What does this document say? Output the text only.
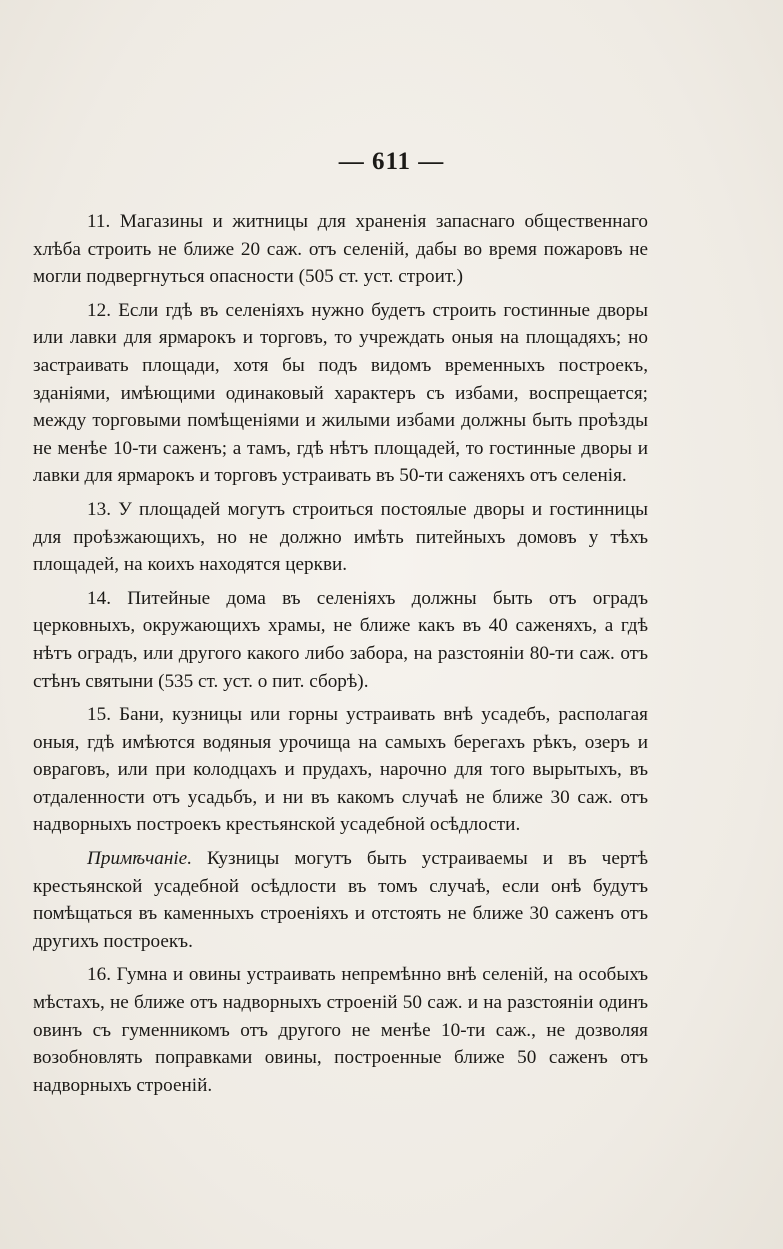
— 611 —
11. Магазины и житницы для храненія запаснаго общественнаго хлѣба строить не ближе 20 саж. отъ селеній, дабы во время пожаровъ не могли подвергнуться опасности (505 ст. уст. строит.)
12. Если гдѣ въ селеніяхъ нужно будетъ строить гостинные дворы или лавки для ярмарокъ и торговъ, то учреждать оныя на площадяхъ; но застраивать площади, хотя бы подъ видомъ временныхъ построекъ, зданіями, имѣющими одинаковый характеръ съ избами, воспрещается; между торговыми помѣщеніями и жилыми избами должны быть проѣзды не менѣе 10-ти саженъ; а тамъ, гдѣ нѣтъ площадей, то гостинные дворы и лавки для ярмарокъ и торговъ устраивать въ 50-ти саженяхъ отъ селенія.
13. У площадей могутъ строиться постоялые дворы и гостинницы для проѣзжающихъ, но не должно имѣть питейныхъ домовъ у тѣхъ площадей, на коихъ находятся церкви.
14. Питейные дома въ селеніяхъ должны быть отъ оградъ церковныхъ, окружающихъ храмы, не ближе какъ въ 40 саженяхъ, а гдѣ нѣтъ оградъ, или другого какого либо забора, на разстояніи 80-ти саж. отъ стѣнъ святыни (535 ст. уст. о пит. сборѣ).
15. Бани, кузницы или горны устраивать внѣ усадебъ, располагая оныя, гдѣ имѣются водяныя урочища на самыхъ берегахъ рѣкъ, озеръ и овраговъ, или при колодцахъ и прудахъ, нарочно для того вырытыхъ, въ отдаленности отъ усадьбъ, и ни въ какомъ случаѣ не ближе 30 саж. отъ надворныхъ построекъ крестьянской усадебной осѣдлости.
Примѣчаніе. Кузницы могутъ быть устраиваемы и въ чертѣ крестьянской усадебной осѣдлости въ томъ случаѣ, если онѣ будутъ помѣщаться въ каменныхъ строеніяхъ и отстоять не ближе 30 саженъ отъ другихъ построекъ.
16. Гумна и овины устраивать непремѣнно внѣ селеній, на особыхъ мѣстахъ, не ближе отъ надворныхъ строеній 50 саж. и на разстояніи одинъ овинъ съ гуменникомъ отъ другого не менѣе 10-ти саж., не дозволяя возобновлять поправками овины, построенные ближе 50 саженъ отъ надворныхъ строеній.
